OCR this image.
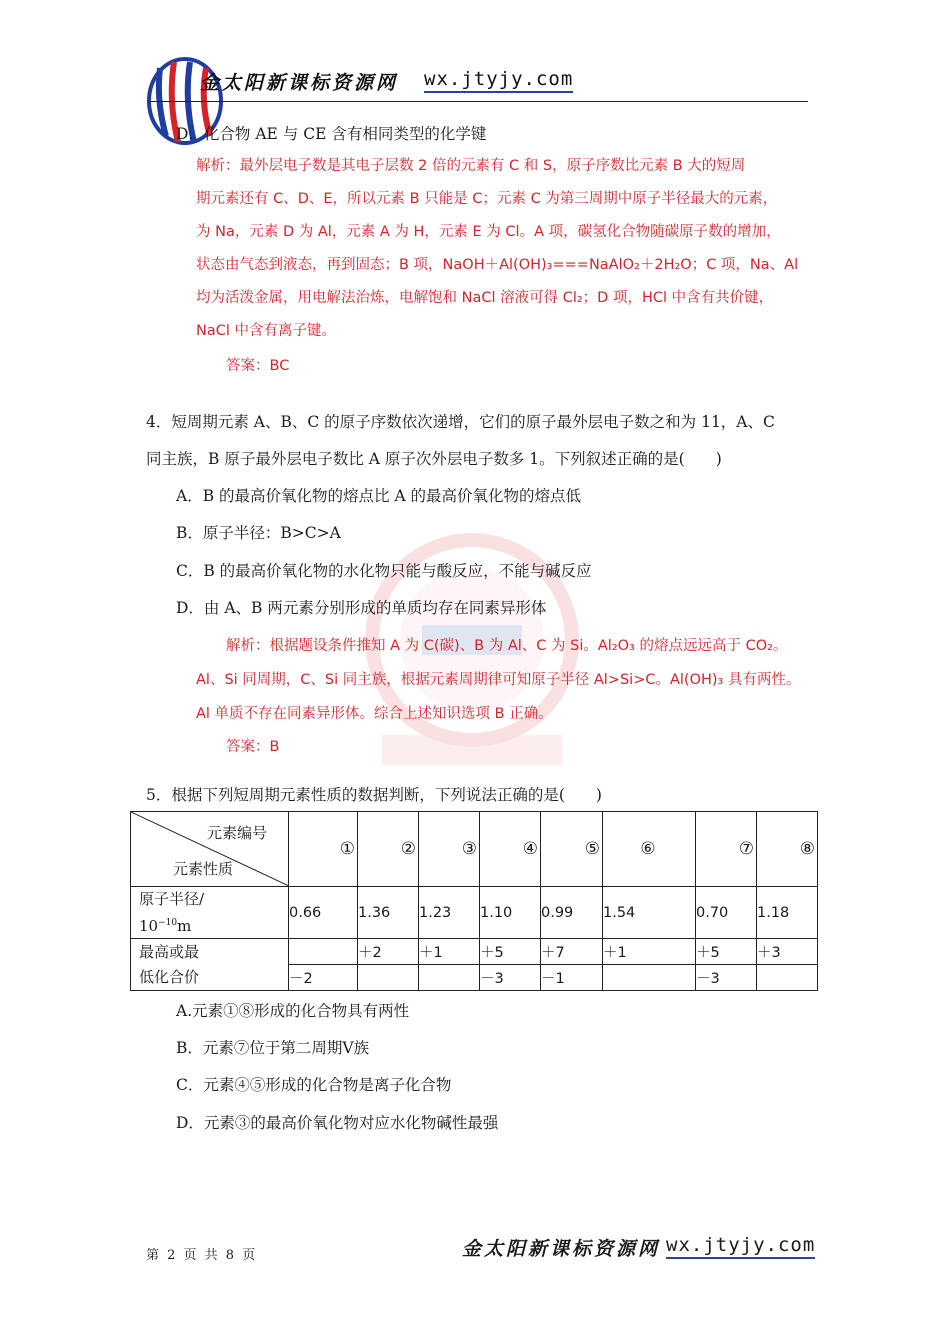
金太阳新课标资源网 wx.jtyjy.com
D．化合物 AE 与 CE 含有相同类型的化学键
解析：最外层电子数是其电子层数 2 倍的元素有 C 和 S，原子序数比元素 B 大的短周
期元素还有 C、D、E，所以元素 B 只能是 C；元素 C 为第三周期中原子半径最大的元素，
为 Na，元素 D 为 Al，元素 A 为 H，元素 E 为 Cl。A 项，碳氢化合物随碳原子数的增加，
状态由气态到液态，再到固态；B 项，NaOH＋Al(OH)₃===NaAlO₂＋2H₂O；C 项，Na、Al
均为活泼金属，用电解法治炼，电解饱和 NaCl 溶液可得 Cl₂；D 项，HCl 中含有共价键，
NaCl 中含有离子键。
答案：BC
4．短周期元素 A、B、C 的原子序数依次递增，它们的原子最外层电子数之和为 11，A、C
同主族，B 原子最外层电子数比 A 原子次外层电子数多 1。下列叙述正确的是(　　)
A．B 的最高价氧化物的熔点比 A 的最高价氧化物的熔点低
B．原子半径：B>C>A
C．B 的最高价氧化物的水化物只能与酸反应，不能与碱反应
D．由 A、B 两元素分别形成的单质均存在同素异形体
解析：根据题设条件推知 A 为 C(碳)、B 为 Al、C 为 Si。Al₂O₃ 的熔点远远高于 CO₂。
Al、Si 同周期，C、Si 同主族，根据元素周期律可知原子半径 Al>Si>C。Al(OH)₃ 具有两性。
Al 单质不存在同素异形体。综合上述知识选项 B 正确。
答案：B
5．根据下列短周期元素性质的数据判断，下列说法正确的是(　　)
元素编号
元素性质	①	②	③	④	⑤	⑥	⑦	⑧

原子半径/
$10^{-10}m$	0.66	1.36	1.23	1.10	0.99	1.54	0.70	1.18

最高或最
低化合价		＋2	＋1	＋5	＋7	＋1	＋5	＋3
	－2			－3	－1		－3	
A.元素①⑧形成的化合物具有两性
B．元素⑦位于第二周期Ⅴ族
C．元素④⑤形成的化合物是离子化合物
D．元素③的最高价氧化物对应水化物碱性最强
第 2 页 共 8 页	金太阳新课标资源网 wx.jtyjy.com
